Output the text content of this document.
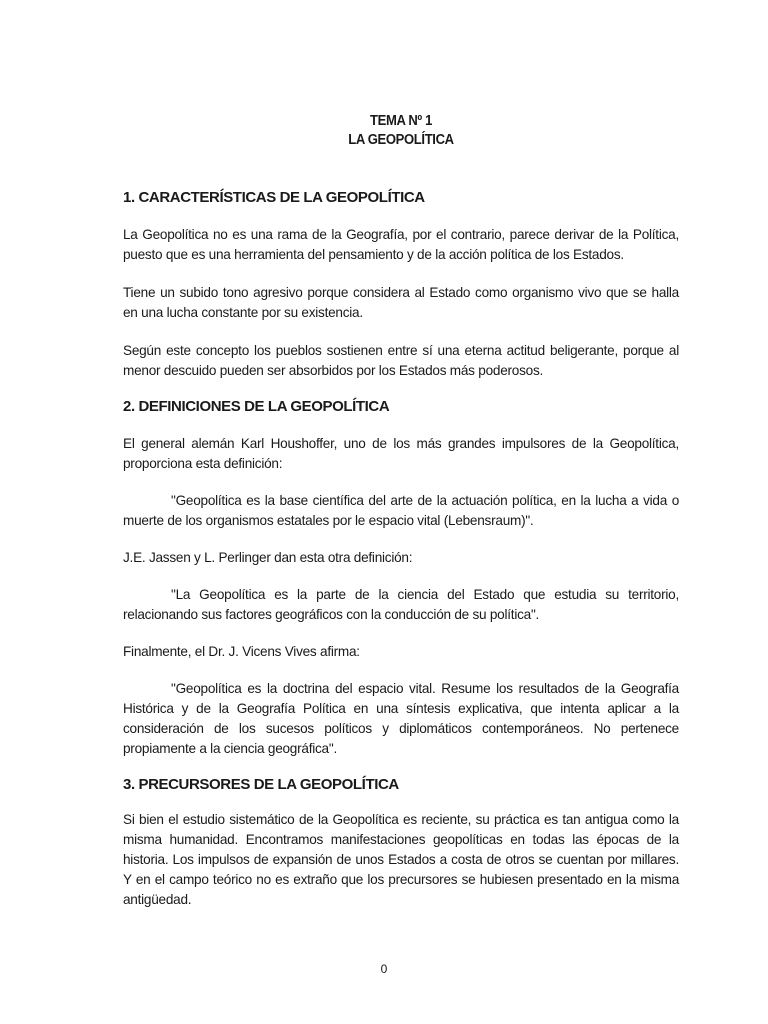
TEMA Nº 1
LA GEOPOLÍTICA
1. CARACTERÍSTICAS DE LA GEOPOLÍTICA

La Geopolítica no es una rama de la Geografía, por el contrario, parece derivar de la Política, puesto que es una herramienta del pensamiento y de la acción política de los Estados.

Tiene un subido tono agresivo porque considera al Estado como organismo vivo que se halla en una lucha constante por su existencia.

Según este concepto los pueblos sostienen entre sí una eterna actitud beligerante, porque al menor descuido pueden ser absorbidos por los Estados más poderosos.

2. DEFINICIONES DE LA GEOPOLÍTICA

El general alemán Karl Houshoffer, uno de los más grandes impulsores de la Geopolítica, proporciona esta definición:

"Geopolítica es la base científica del arte de la actuación política, en la lucha a vida o muerte de los organismos estatales por le espacio vital (Lebensraum)".

J.E. Jassen y L. Perlinger dan esta otra definición:

"La Geopolítica es la parte de la ciencia del Estado que estudia su territorio, relacionando sus factores geográficos con la conducción de su política".

Finalmente, el Dr. J. Vicens Vives afirma:

"Geopolítica es la doctrina del espacio vital. Resume los resultados de la Geografía Histórica y de la Geografía Política en una síntesis explicativa, que intenta aplicar a la consideración de los sucesos políticos y diplomáticos contemporáneos. No pertenece propiamente a la ciencia geográfica".

3. PRECURSORES DE LA GEOPOLÍTICA

Si bien el estudio sistemático de la Geopolítica es reciente, su práctica es tan antigua como la misma humanidad. Encontramos manifestaciones geopolíticas en todas las épocas de la historia. Los impulsos de expansión de unos Estados a costa de otros se cuentan por millares. Y en el campo teórico no es extraño que los precursores se hubiesen presentado en la misma antigüedad.

0
